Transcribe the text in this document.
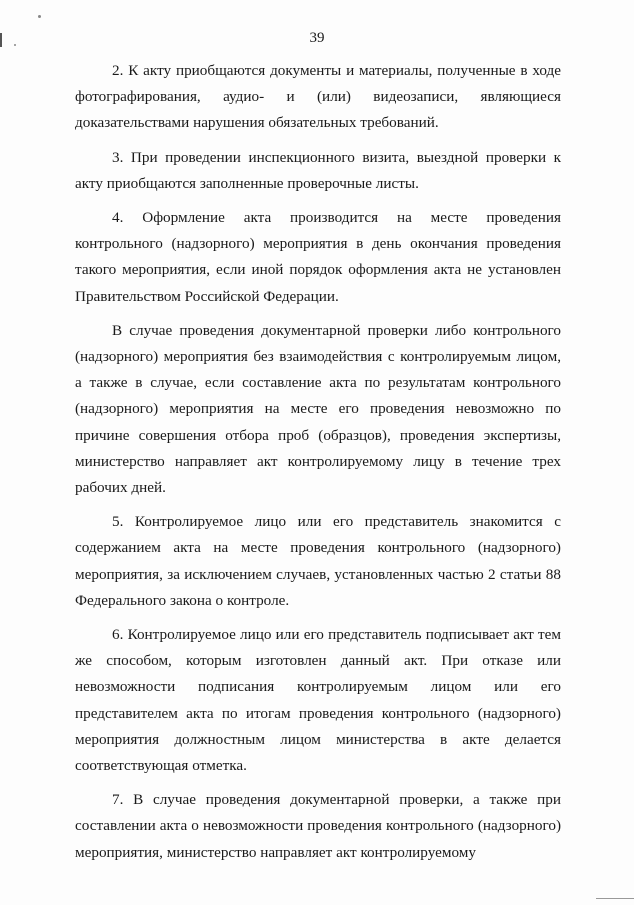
39

2. К акту приобщаются документы и материалы, полученные в ходе фотографирования, аудио- и (или) видеозаписи, являющиеся доказательствами нарушения обязательных требований.

3. При проведении инспекционного визита, выездной проверки к акту приобщаются заполненные проверочные листы.

4. Оформление акта производится на месте проведения контрольного (надзорного) мероприятия в день окончания проведения такого мероприятия, если иной порядок оформления акта не установлен Правительством Российской Федерации.

В случае проведения документарной проверки либо контрольного (надзорного) мероприятия без взаимодействия с контролируемым лицом, а также в случае, если составление акта по результатам контрольного (надзорного) мероприятия на месте его проведения невозможно по причине совершения отбора проб (образцов), проведения экспертизы, министерство направляет акт контролируемому лицу в течение трех рабочих дней.

5. Контролируемое лицо или его представитель знакомится с содержанием акта на месте проведения контрольного (надзорного) мероприятия, за исключением случаев, установленных частью 2 статьи 88 Федерального закона о контроле.

6. Контролируемое лицо или его представитель подписывает акт тем же способом, которым изготовлен данный акт. При отказе или невозможности подписания контролируемым лицом или его представителем акта по итогам проведения контрольного (надзорного) мероприятия должностным лицом министерства в акте делается соответствующая отметка.

7. В случае проведения документарной проверки, а также при составлении акта о невозможности проведения контрольного (надзорного) мероприятия, министерство направляет акт контролируемому
